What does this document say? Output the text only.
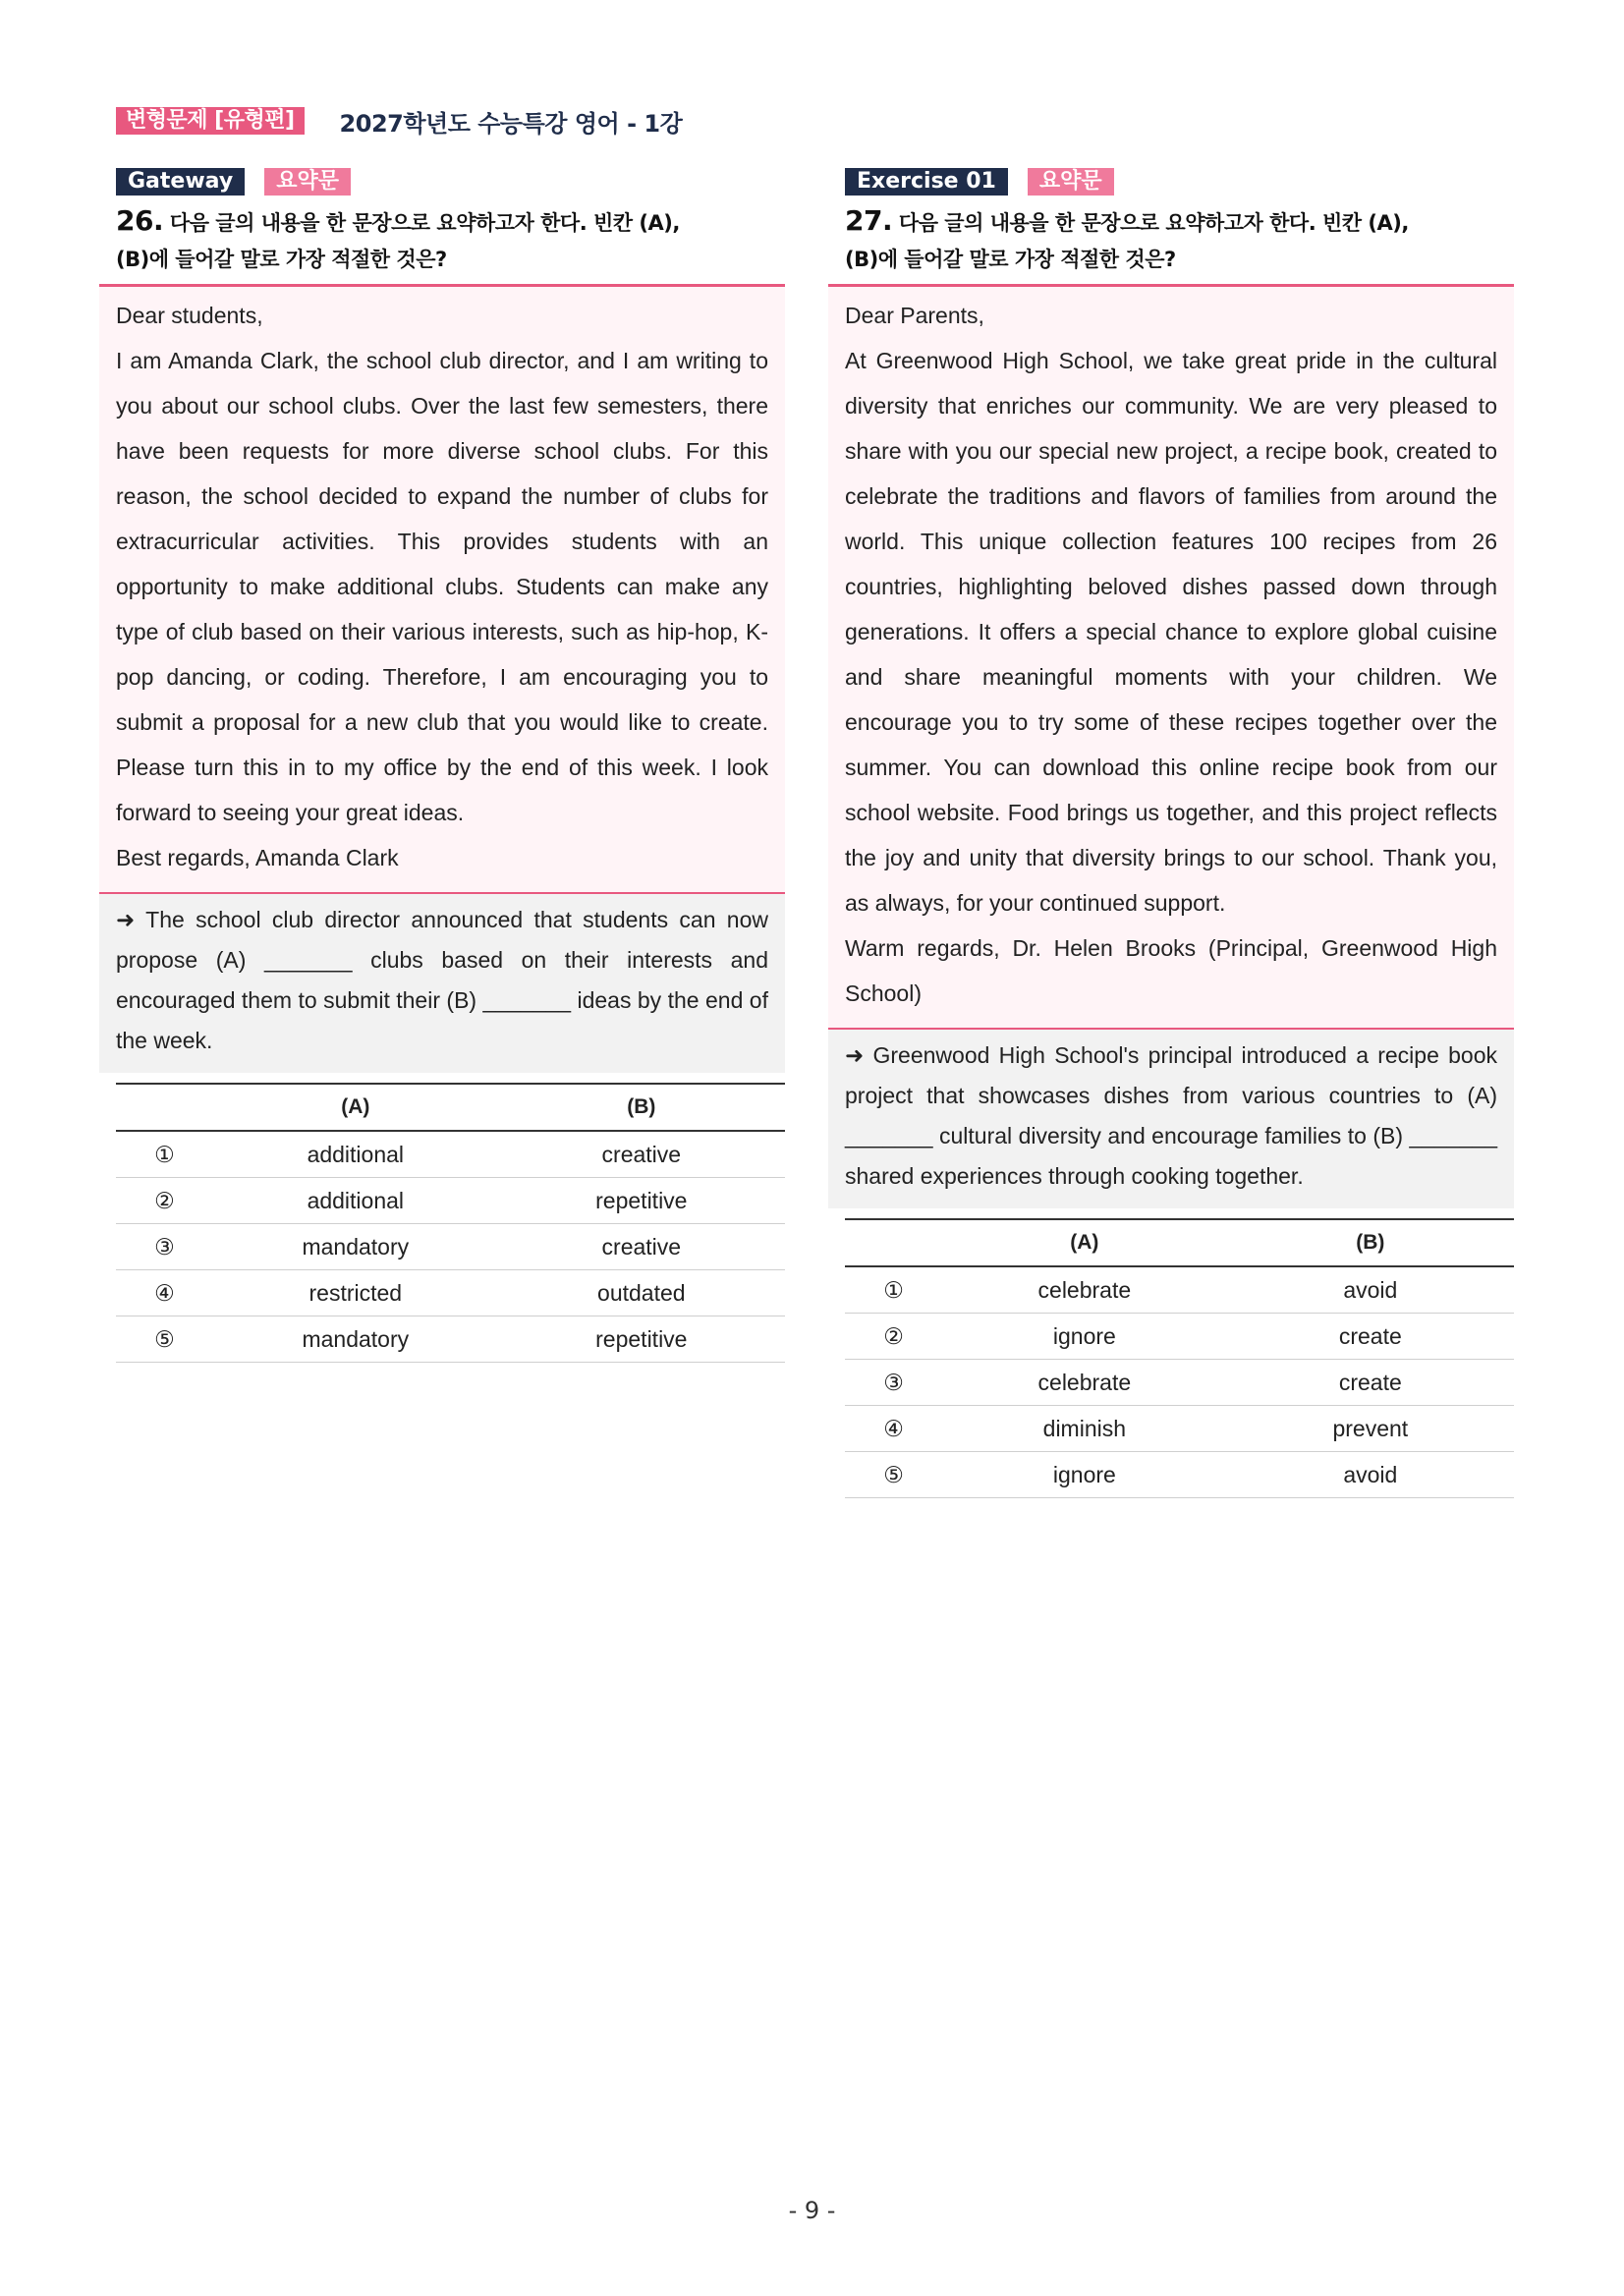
변형문제 [유형편]	2027학년도 수능특강 영어 - 1강
Gateway	요약문
26. 다음 글의 내용을 한 문장으로 요약하고자 한다. 빈칸 (A),
(B)에 들어갈 말로 가장 적절한 것은?

Dear students,

I am Amanda Clark, the school club director, and I am writing to you about our school clubs. Over the last few semesters, there have been requests for more diverse school clubs. For this reason, the school decided to expand the number of clubs for extracurricular activities. This provides students with an opportunity to make additional clubs. Students can make any type of club based on their various interests, such as hip-hop, K-pop dancing, or coding. Therefore, I am encouraging you to submit a proposal for a new club that you would like to create. Please turn this in to my office by the end of this week. I look forward to seeing your great ideas.

Best regards, Amanda Clark

➜ The school club director announced that students can now propose (A) _______ clubs based on their interests and encouraged them to submit their (B) _______ ideas by the end of the week.
	(A)	(B)
①	additional	creative
②	additional	repetitive
③	mandatory	creative
④	restricted	outdated
⑤	mandatory	repetitive
Exercise 01	요약문
27. 다음 글의 내용을 한 문장으로 요약하고자 한다. 빈칸 (A),
(B)에 들어갈 말로 가장 적절한 것은?

Dear Parents,

At Greenwood High School, we take great pride in the cultural diversity that enriches our community. We are very pleased to share with you our special new project, a recipe book, created to celebrate the traditions and flavors of families from around the world. This unique collection features 100 recipes from 26 countries, highlighting beloved dishes passed down through generations. It offers a special chance to explore global cuisine and share meaningful moments with your children. We encourage you to try some of these recipes together over the summer. You can download this online recipe book from our school website. Food brings us together, and this project reflects the joy and unity that diversity brings to our school. Thank you, as always, for your continued support.

Warm regards, Dr. Helen Brooks (Principal, Greenwood High School)

➜ Greenwood High School's principal introduced a recipe book project that showcases dishes from various countries to (A) _______ cultural diversity and encourage families to (B) _______ shared experiences through cooking together.
	(A)	(B)
①	celebrate	avoid
②	ignore	create
③	celebrate	create
④	diminish	prevent
⑤	ignore	avoid
- 9 -
